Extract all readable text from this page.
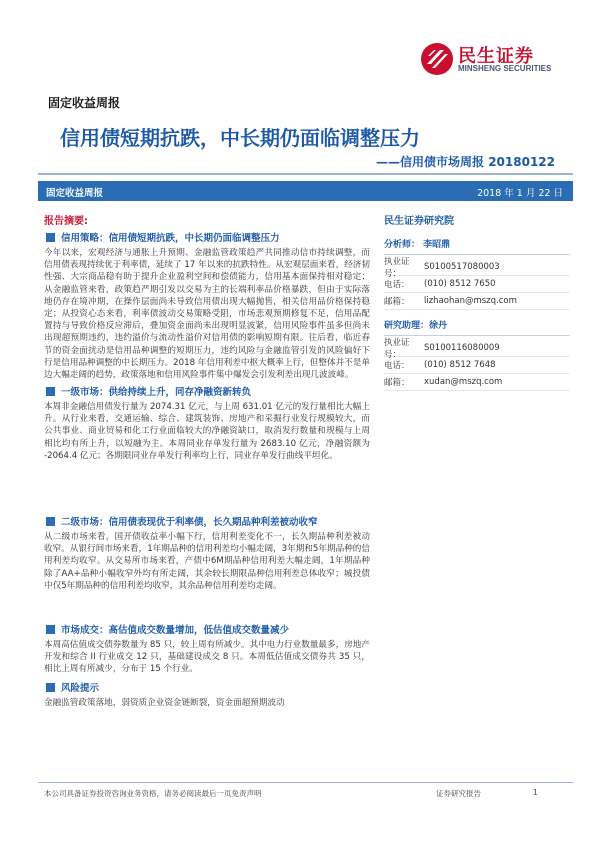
民生证券
MINSHENG SECURITIES
固定收益周报
信用债短期抗跌，中长期仍面临调整压力
——信用债市场周报 20180122
固定收益周报	2018 年 1 月 22 日
报告摘要:
信用策略：信用债短期抗跌，中长期仍面临调整压力
今年以来，宏观经济与通胀上升预期、金融监管政策趋严共同推动信市持续调整，而信用债表现持续优于利率债，延续了 17 年以来的抗跌特性。从宏观层面来看，经济韧性强、大宗商品稳有助于提升企业盈利空间和偿债能力，信用基本面保持相对稳定；从金融监管来看，政策趋严期引发以交易为主的长端利率品价格暴跌，但由于实际落地仍存在境冲期，在操作层面尚未导致信用债出现大幅抛售，相关信用品价格保持稳定；从投资心态来看，利率债波动交易策略受阻，市场悲观预期修复不足，信用品配置持与导致价格反应滞后，叠加资金面尚未出现明显波紧，信用风险事件虽多但尚未出现超预期违约，违约溢价与流动性溢价对信用债的影响短期有限。往后看，临近春节的资金面扰动是信用品种调整的短期压力，违约风险与金融监管引发的风险偏好下行是信用品种调整的中长期压力。2018 年信用利差中枢大概率上行，但整体并不是单边大幅走阔的趋势，政策落地和信用风险事件集中爆发会引发利差出现几波波峰。
一级市场：供给持续上升，同存净融资新转负
本周非金融信用债发行量为 2074.31 亿元，与上周 631.01 亿元的发行量相比大幅上升。从行业来看，交通运输、综合、建筑装饰、房地产和采掘行业发行规模较大，而公共事业、商业贸易和化工行业面临较大的净融资缺口，取消发行数量和规模与上周相比均有所上升，以短融为主。本周同业存单发行量为 2683.10 亿元，净融资额为 -2064.4 亿元；各期限同业存单发行利率均上行，同业存单发行曲线平坦化。
二级市场：信用债表现优于利率债，长久期品种利差被动收窄
从二级市场来看，国开债收益率小幅下行，信用利差变化不一，长久期品种利差被动收窄。从银行间市场来看，1年期品种的信用利差均小幅走阔，3年期和5年期品种的信用利差均收窄。从交易所市场来看，产债中6M期品种信用利差大幅走阔，1年期品种除了AA+品种小幅收窄外均有所走阔，其余较长期限品种信用利差总体收窄；城投债中仅5年期品种的信用利差均收窄，其余品种信用利差均走阔。
市场成交：高估值成交数量增加，低估值成交数量减少
本周高估值成交债券数量为 85 只，较上周有所减少。其中电力行业数量最多，房地产开发和综合 II 行业成交 12 只，基础建设成交 8 只。本周低估值成交债券共 35 只，相比上周有所减少，分布于 15 个行业。
风险提示
金融监管政策落地，弱资质企业资金链断裂，资金面超预期波动
民生证券研究院
分析师： 李昭鼎
执业证号：
S0100517080003
电话：	(010) 8512 7650
邮箱：	lizhaohan@mszq.com
研究助理：徐丹
执业证号：
S0100116080009
电话：	(010) 8512 7648
邮箱：	xudan@mszq.com
本公司具备证券投资咨询业务资格，请务必阅读最后一页免责声明	证券研究报告	1
